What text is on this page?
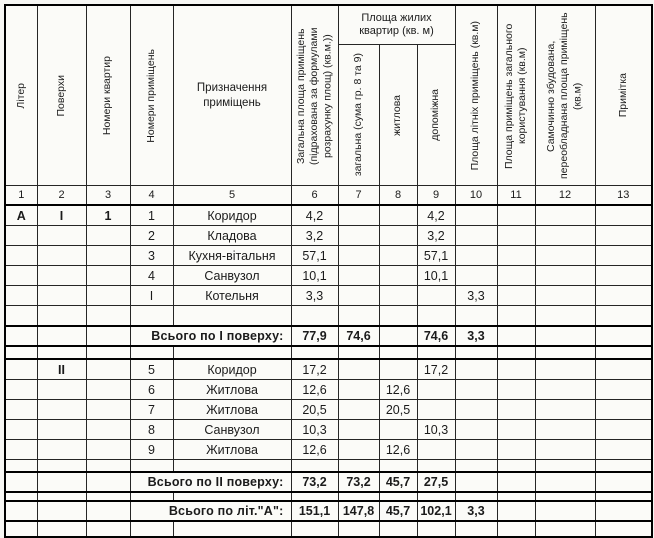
Літер	Поверхи	Номери квартир	Номери приміщень	Призначення приміщень	Загальна площа приміщень (підрахована за формулами розрахунку площ) (кв.м.))	Площа жилих квартир (кв. м)			Площа літніх приміщень (кв.м)	Площа приміщень загального користування (кв.м)	Самочинно збудована, переобладнана площа приміщень (кв.м)	Примітка

						загальна (сума гр. 8 та 9)	житлова	допоміжна				

1	2	3	4	5	6	7	8	9	10	11	12	13
А	І	1	1	Коридор	4,2			4,2				
			2	Кладова	3,2			3,2				
			3	Кухня-вітальня	57,1			57,1				
			4	Санвузол	10,1			10,1				
			І	Котельня	3,3				3,3			

			Всього по І поверху:		77,9	74,6		74,6	3,3			

	ІІ		5	Коридор	17,2			17,2				
			6	Житлова	12,6		12,6					
			7	Житлова	20,5		20,5					
			8	Санвузол	10,3			10,3				
			9	Житлова	12,6		12,6					

			Всього по ІІ поверху:		73,2	73,2	45,7	27,5				

			Всього по літ."А":		151,1	147,8	45,7	102,1	3,3			
